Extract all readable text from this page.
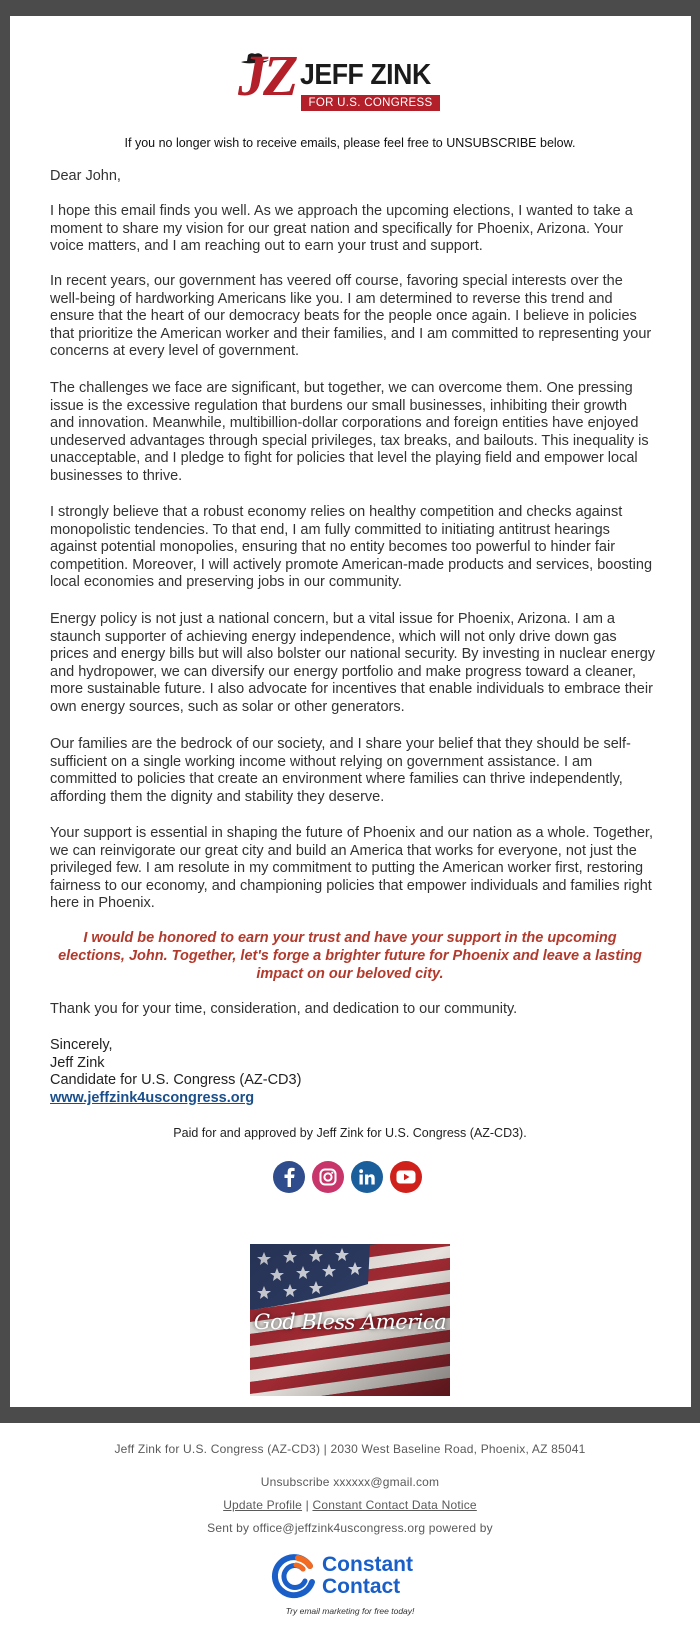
JZ JEFF ZINK
FOR U.S. CONGRESS
If you no longer wish to receive emails, please feel free to UNSUBSCRIBE below.
Dear John,
I hope this email finds you well. As we approach the upcoming elections, I wanted to take a moment to share my vision for our great nation and specifically for Phoenix, Arizona. Your voice matters, and I am reaching out to earn your trust and support.
In recent years, our government has veered off course, favoring special interests over the well-being of hardworking Americans like you. I am determined to reverse this trend and ensure that the heart of our democracy beats for the people once again. I believe in policies that prioritize the American worker and their families, and I am committed to representing your concerns at every level of government.
The challenges we face are significant, but together, we can overcome them. One pressing issue is the excessive regulation that burdens our small businesses, inhibiting their growth and innovation. Meanwhile, multibillion-dollar corporations and foreign entities have enjoyed undeserved advantages through special privileges, tax breaks, and bailouts. This inequality is unacceptable, and I pledge to fight for policies that level the playing field and empower local businesses to thrive.
I strongly believe that a robust economy relies on healthy competition and checks against monopolistic tendencies. To that end, I am fully committed to initiating antitrust hearings against potential monopolies, ensuring that no entity becomes too powerful to hinder fair competition. Moreover, I will actively promote American-made products and services, boosting local economies and preserving jobs in our community.
Energy policy is not just a national concern, but a vital issue for Phoenix, Arizona. I am a staunch supporter of achieving energy independence, which will not only drive down gas prices and energy bills but will also bolster our national security. By investing in nuclear energy and hydropower, we can diversify our energy portfolio and make progress toward a cleaner, more sustainable future. I also advocate for incentives that enable individuals to embrace their own energy sources, such as solar or other generators.
Our families are the bedrock of our society, and I share your belief that they should be self-sufficient on a single working income without relying on government assistance. I am committed to policies that create an environment where families can thrive independently, affording them the dignity and stability they deserve.
Your support is essential in shaping the future of Phoenix and our nation as a whole. Together, we can reinvigorate our great city and build an America that works for everyone, not just the privileged few. I am resolute in my commitment to putting the American worker first, restoring fairness to our economy, and championing policies that empower individuals and families right here in Phoenix.
I would be honored to earn your trust and have your support in the upcoming elections, John. Together, let's forge a brighter future for Phoenix and leave a lasting impact on our beloved city.
Thank you for your time, consideration, and dedication to our community.
Sincerely,
Jeff Zink
Candidate for U.S. Congress (AZ-CD3)
www.jeffzink4uscongress.org
Paid for and approved by Jeff Zink for U.S. Congress (AZ-CD3).
God Bless America
Jeff Zink for U.S. Congress (AZ-CD3) | 2030 West Baseline Road, Phoenix, AZ 85041
Unsubscribe xxxxxx@gmail.com
Update Profile | Constant Contact Data Notice
Sent by office@jeffzink4uscongress.org powered by
Constant
Contact
Try email marketing for free today!
